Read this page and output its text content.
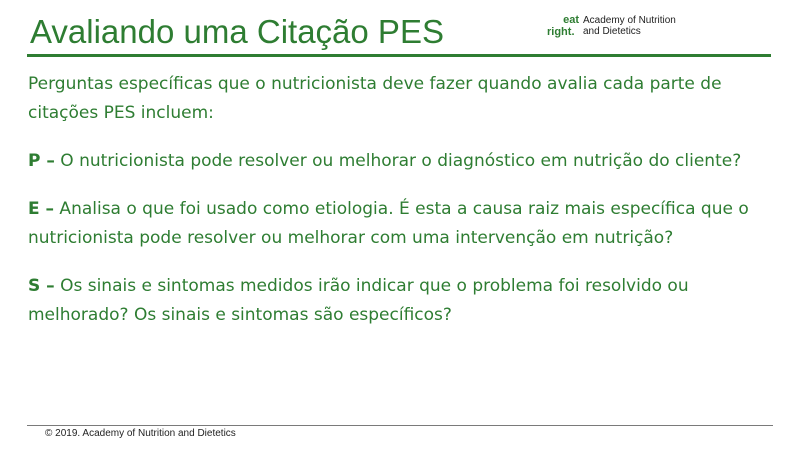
Avaliando uma Citação PES	eat
right.
Academy of Nutrition
and Dietetics

Perguntas específicas que o nutricionista deve fazer quando avalia cada parte de citações PES incluem:

P – O nutricionista pode resolver ou melhorar o diagnóstico em nutrição do cliente?

E – Analisa o que foi usado como etiologia. É esta a causa raiz mais específica que o nutricionista pode resolver ou melhorar com uma intervenção em nutrição?

S – Os sinais e sintomas medidos irão indicar que o problema foi resolvido ou melhorado? Os sinais e sintomas são específicos?

© 2019. Academy of Nutrition and Dietetics
